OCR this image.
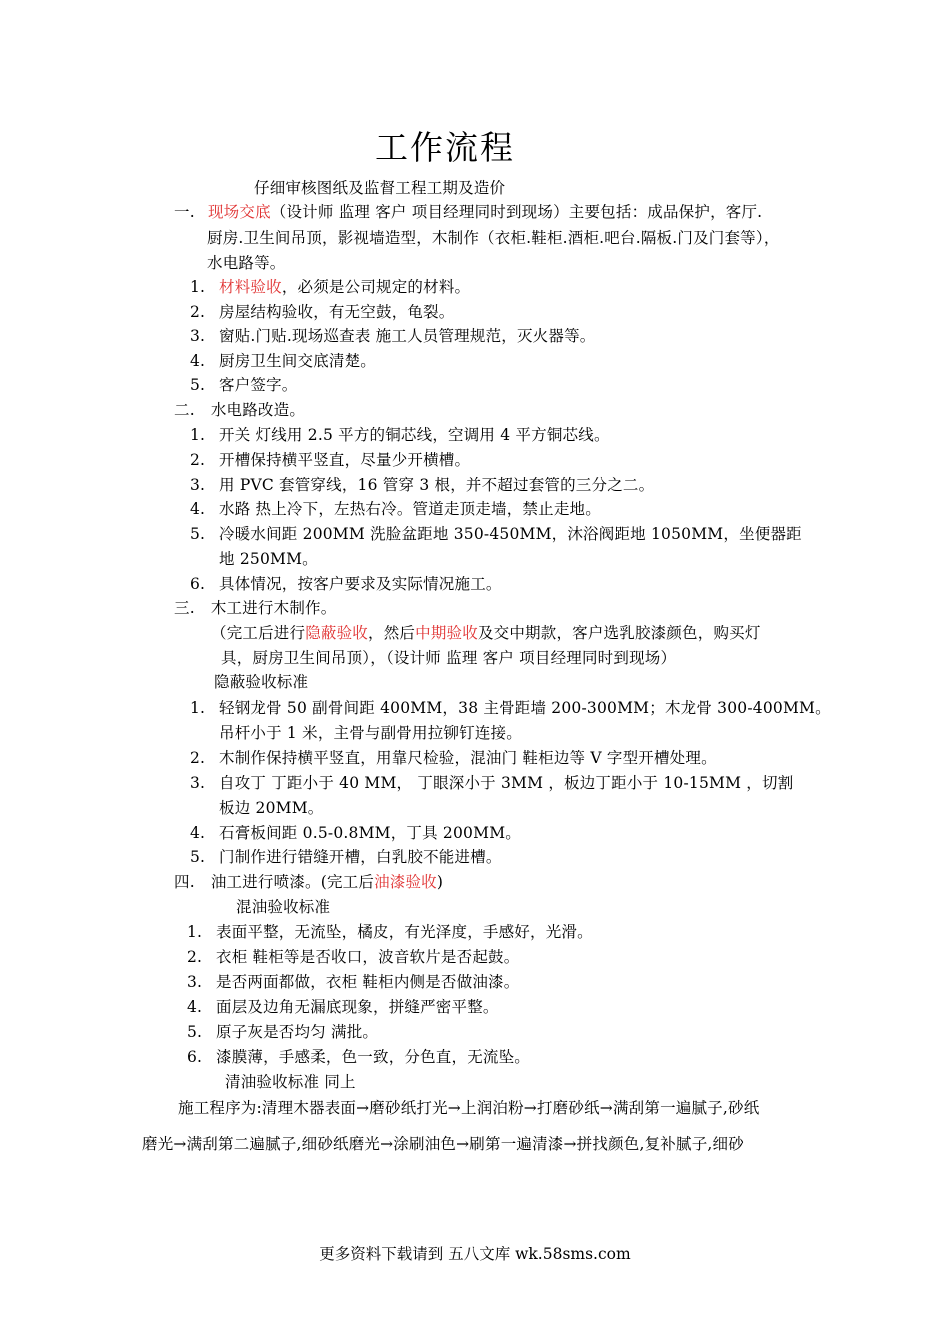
工作流程
仔细审核图纸及监督工程工期及造价
一. 现场交底（设计师 监理 客户 项目经理同时到现场）主要包括：成品保护，客厅.
厨房.卫生间吊顶，影视墙造型，木制作（衣柜.鞋柜.酒柜.吧台.隔板.门及门套等），
水电路等。
1. 材料验收，必须是公司规定的材料。
2. 房屋结构验收，有无空鼓，龟裂。
3. 窗贴.门贴.现场巡查表 施工人员管理规范，灭火器等。
4. 厨房卫生间交底清楚。
5. 客户签字。
二. 水电路改造。
1. 开关 灯线用 2.5 平方的铜芯线，空调用 4 平方铜芯线。
2. 开槽保持横平竖直，尽量少开横槽。
3. 用 PVC 套管穿线，16 管穿 3 根，并不超过套管的三分之二。
4. 水路 热上冷下，左热右冷。管道走顶走墙，禁止走地。
5. 冷暖水间距 200MM 洗脸盆距地 350-450MM，沐浴阀距地 1050MM，坐便器距
地 250MM。
6. 具体情况，按客户要求及实际情况施工。
三. 木工进行木制作。
（完工后进行隐蔽验收，然后中期验收及交中期款，客户选乳胶漆颜色，购买灯
具，厨房卫生间吊顶），（设计师 监理 客户 项目经理同时到现场）
隐蔽验收标准
1. 轻钢龙骨 50 副骨间距 400MM，38 主骨距墙 200-300MM；木龙骨 300-400MM。
吊杆小于 1 米，主骨与副骨用拉铆钉连接。
2. 木制作保持横平竖直，用靠尺检验，混油门 鞋柜边等 V 字型开槽处理。
3. 自攻丁 丁距小于 40 MM， 丁眼深小于 3MM ，板边丁距小于 10-15MM ，切割
板边 20MM。
4. 石膏板间距 0.5-0.8MM，丁具 200MM。
5. 门制作进行错缝开槽，白乳胶不能进槽。
四. 油工进行喷漆。(完工后油漆验收)
混油验收标准
1. 表面平整，无流坠，橘皮，有光泽度，手感好，光滑。
2. 衣柜 鞋柜等是否收口，波音软片是否起鼓。
3. 是否两面都做，衣柜 鞋柜内侧是否做油漆。
4. 面层及边角无漏底现象，拼缝严密平整。
5. 原子灰是否均匀 满批。
6. 漆膜薄，手感柔，色一致，分色直，无流坠。
清油验收标准 同上
施工程序为:清理木器表面→磨砂纸打光→上润泊粉→打磨砂纸→满刮第一遍腻子,砂纸
磨光→满刮第二遍腻子,细砂纸磨光→涂刷油色→刷第一遍清漆→拼找颜色,复补腻子,细砂
更多资料下载请到 五八文库 wk.58sms.com
